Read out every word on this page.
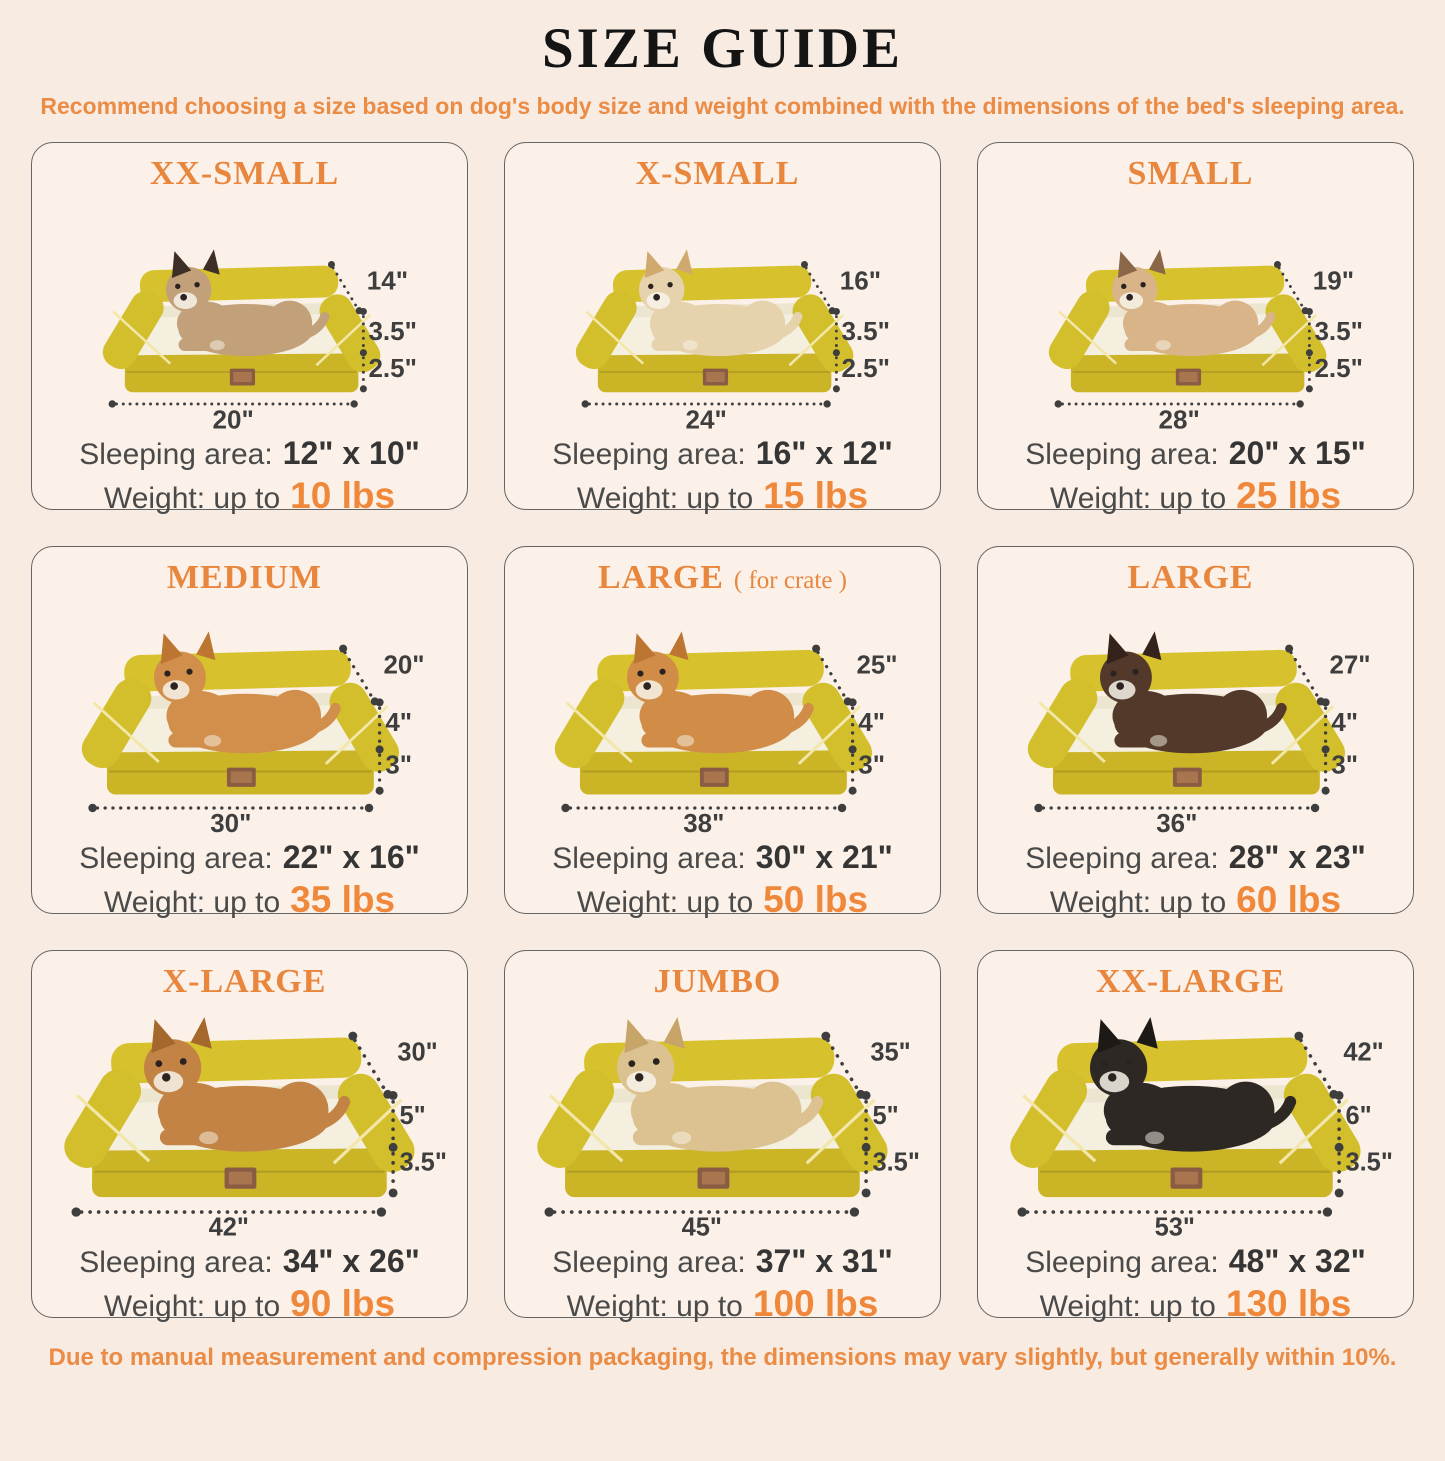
SIZE GUIDE
Recommend choosing a size based on dog's body size and weight combined with the dimensions of the bed's sleeping area.
XX-SMALL
14"
3.5"
2.5"
20"

Sleeping area: 12" x 10"

Weight: up to 10 lbs

X-SMALL
16"
3.5"
2.5"
24"

Sleeping area: 16" x 12"

Weight: up to 15 lbs

SMALL
19"
3.5"
2.5"
28"

Sleeping area: 20" x 15"

Weight: up to 25 lbs

MEDIUM
20"
4"
3"
30"

Sleeping area: 22" x 16"

Weight: up to 35 lbs

LARGE ( for crate )
25"
4"
3"
38"

Sleeping area: 30" x 21"

Weight: up to 50 lbs

LARGE
27"
4"
3"
36"

Sleeping area: 28" x 23"

Weight: up to 60 lbs

X-LARGE
30"
5"
3.5"
42"

Sleeping area: 34" x 26"

Weight: up to 90 lbs

JUMBO
35"
5"
3.5"
45"

Sleeping area: 37" x 31"

Weight: up to 100 lbs

XX-LARGE
42"
6"
3.5"
53"

Sleeping area: 48" x 32"

Weight: up to 130 lbs

Due to manual measurement and compression packaging, the dimensions may vary slightly, but generally within 10%.
